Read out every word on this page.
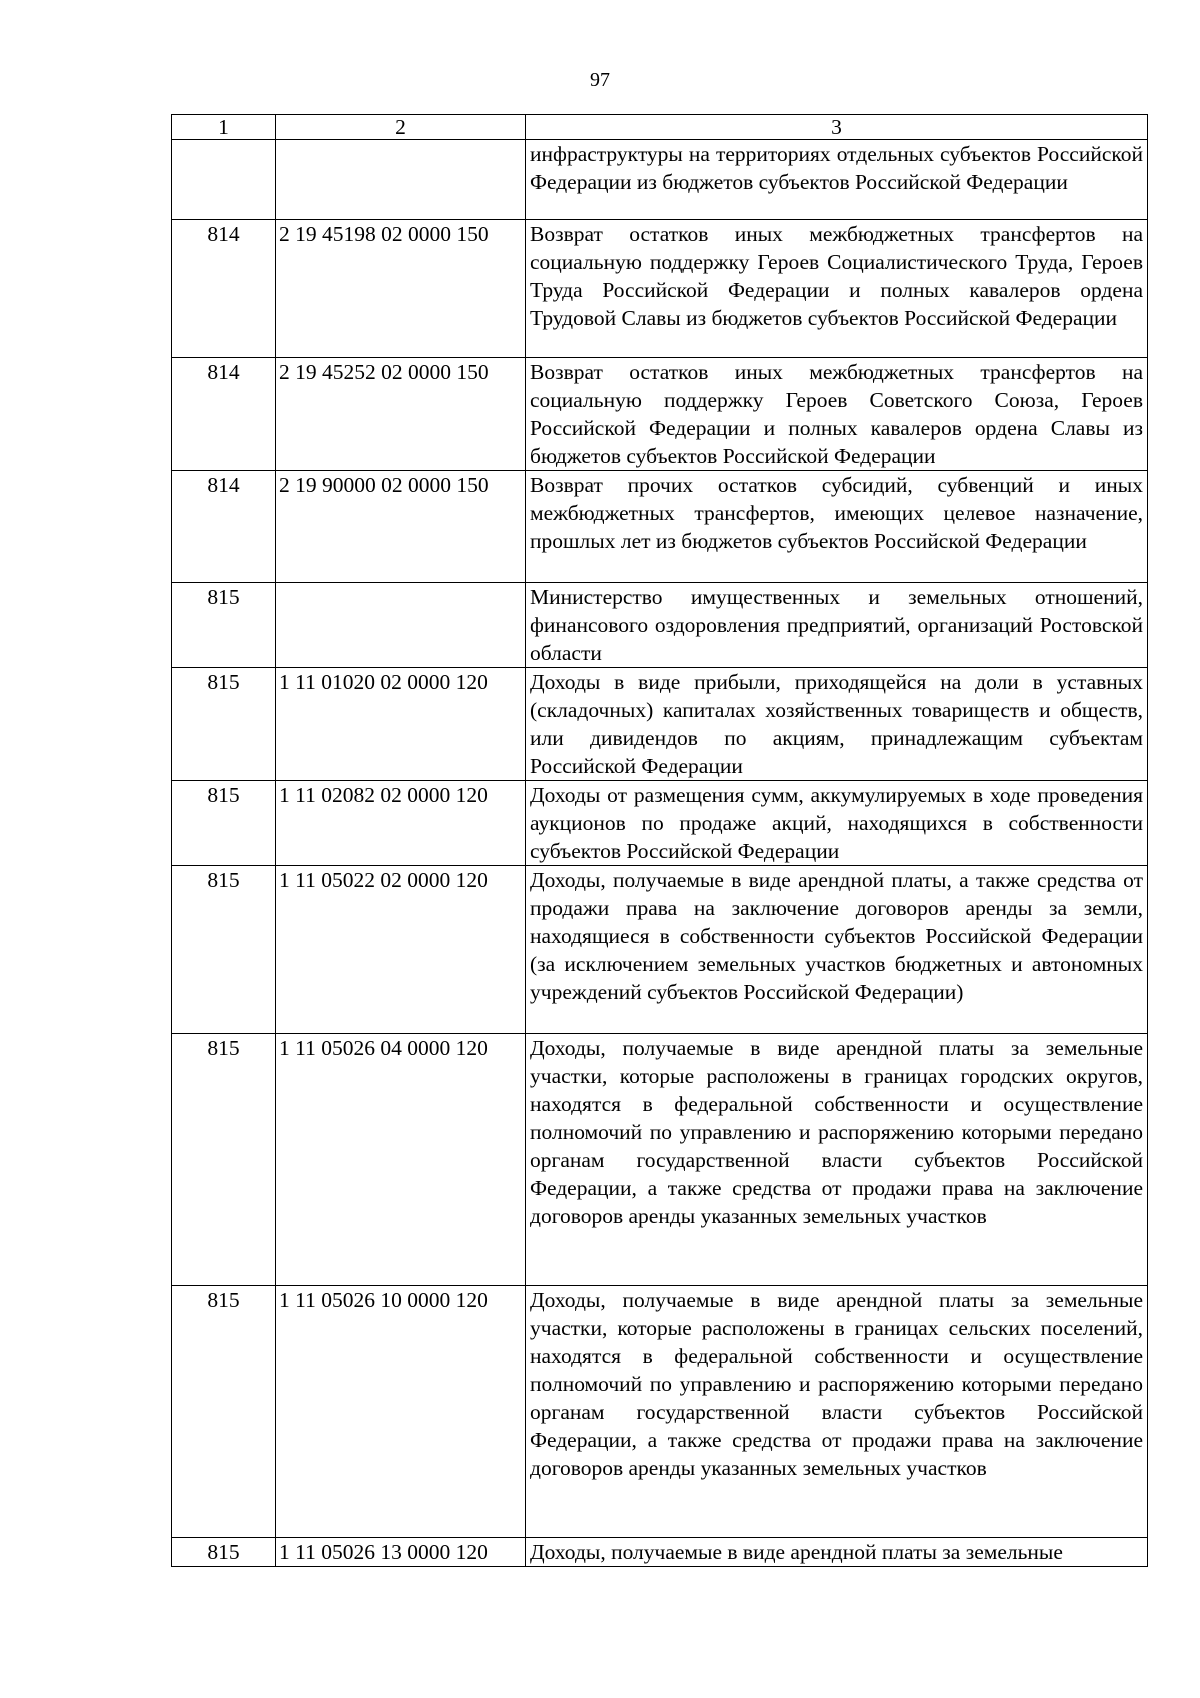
97
1	2	3
		инфраструктуры на территориях отдельных субъектов Российской Федерации из бюджетов субъектов Российской Федерации
814	2 19 45198 02 0000 150	Возврат остатков иных межбюджетных трансфертов на социальную поддержку Героев Социалистического Труда, Героев Труда Российской Федерации и полных кавалеров ордена Трудовой Славы из бюджетов субъектов Российской Федерации
814	2 19 45252 02 0000 150	Возврат остатков иных межбюджетных трансфертов на социальную поддержку Героев Советского Союза, Героев Российской Федерации и полных кавалеров ордена Славы из бюджетов субъектов Российской Федерации
814	2 19 90000 02 0000 150	Возврат прочих остатков субсидий, субвенций и иных межбюджетных трансфертов, имеющих целевое назначение, прошлых лет из бюджетов субъектов Российской Федерации
815		Министерство имущественных и земельных отношений, финансового оздоровления предприятий, организаций Ростовской области
815	1 11 01020 02 0000 120	Доходы в виде прибыли, приходящейся на доли в уставных (складочных) капиталах хозяйственных товариществ и обществ, или дивидендов по акциям, принадлежащим субъектам Российской Федерации
815	1 11 02082 02 0000 120	Доходы от размещения сумм, аккумулируемых в ходе проведения аукционов по продаже акций, находящихся в собственности субъектов Российской Федерации
815	1 11 05022 02 0000 120	Доходы, получаемые в виде арендной платы, а также средства от продажи права на заключение договоров аренды за земли, находящиеся в собственности субъектов Российской Федерации (за исключением земельных участков бюджетных и автономных учреждений субъектов Российской Федерации)
815	1 11 05026 04 0000 120	Доходы, получаемые в виде арендной платы за земельные участки, которые расположены в границах городских округов, находятся в федеральной собственности и осуществление полномочий по управлению и распоряжению которыми передано органам государственной власти субъектов Российской Федерации, а также средства от продажи права на заключение договоров аренды указанных земельных участков
815	1 11 05026 10 0000 120	Доходы, получаемые в виде арендной платы за земельные участки, которые расположены в границах сельских поселений, находятся в федеральной собственности и осуществление полномочий по управлению и распоряжению которыми передано органам государственной власти субъектов Российской Федерации, а также средства от продажи права на заключение договоров аренды указанных земельных участков
815	1 11 05026 13 0000 120	Доходы, получаемые в виде арендной платы за земельные
